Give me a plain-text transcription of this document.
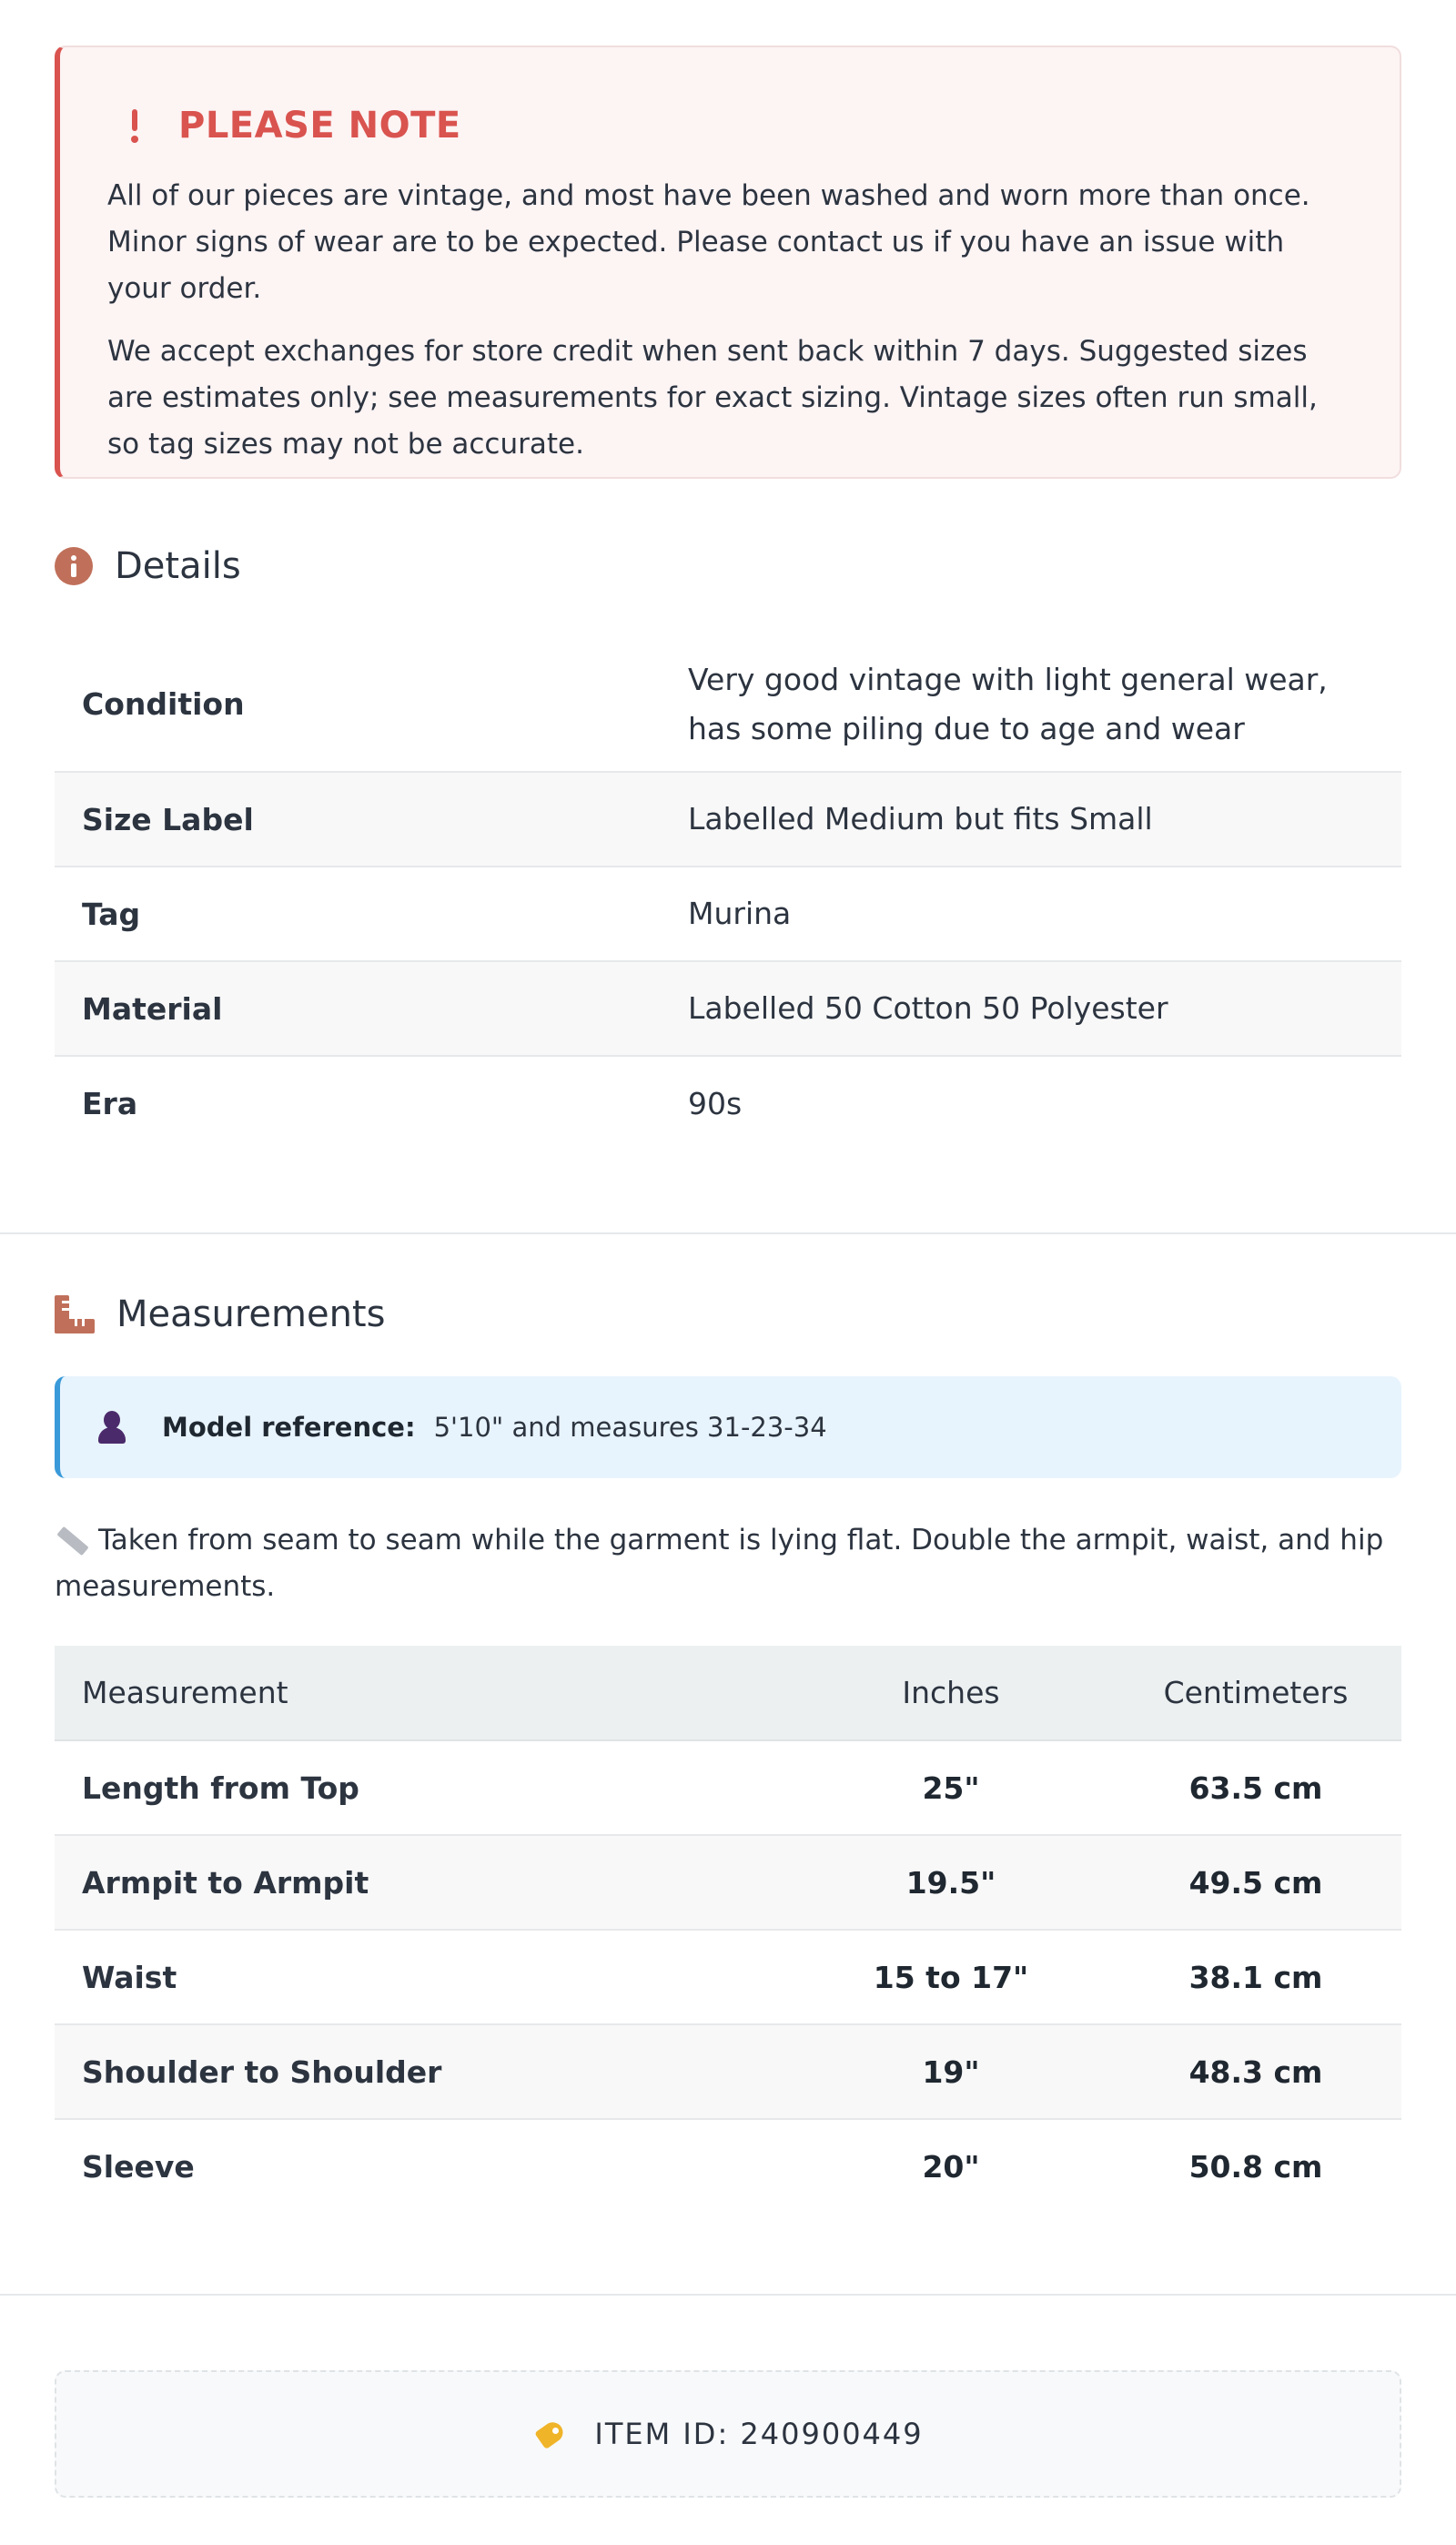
PLEASE NOTE

All of our pieces are vintage, and most have been washed and worn more than once. Minor signs of wear are to be expected. Please contact us if you have an issue with your order.

We accept exchanges for store credit when sent back within 7 days. Suggested sizes are estimates only; see measurements for exact sizing. Vintage sizes often run small, so tag sizes may not be accurate.

Details
Condition	Very good vintage with light general wear, has some piling due to age and wear
Size Label	Labelled Medium but fits Small
Tag	Murina
Material	Labelled 50 Cotton 50 Polyester
Era	90s
Measurements
Model reference: 5'10" and measures 31-23-34
Taken from seam to seam while the garment is lying flat. Double the armpit, waist, and hip measurements.
Measurement	Inches	Centimeters
Length from Top	25"	63.5 cm
Armpit to Armpit	19.5"	49.5 cm
Waist	15 to 17"	38.1 cm
Shoulder to Shoulder	19"	48.3 cm
Sleeve	20"	50.8 cm
ITEM ID: 240900449
